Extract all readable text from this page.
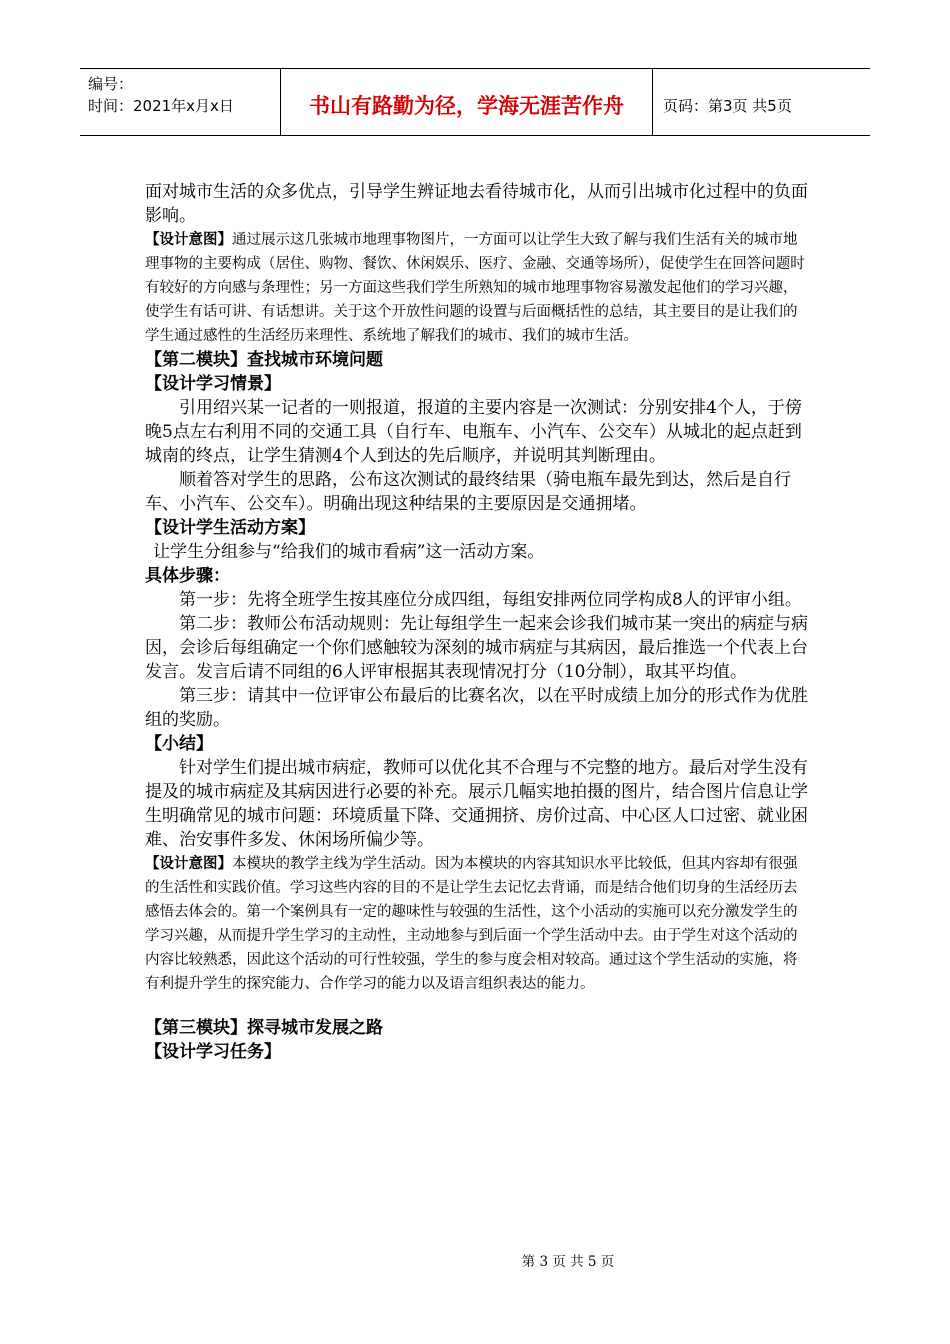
编号：
时间：2021年x月x日	书山有路勤为径，学海无涯苦作舟	页码：第3页 共5页

面对城市生活的众多优点，引导学生辨证地去看待城市化，从而引出城市化过程中的负面影响。

【设计意图】通过展示这几张城市地理事物图片，一方面可以让学生大致了解与我们生活有关的城市地理事物的主要构成（居住、购物、餐饮、休闲娱乐、医疗、金融、交通等场所），促使学生在回答问题时有较好的方向感与条理性；另一方面这些我们学生所熟知的城市地理事物容易激发起他们的学习兴趣，使学生有话可讲、有话想讲。关于这个开放性问题的设置与后面概括性的总结，其主要目的是让我们的学生通过感性的生活经历来理性、系统地了解我们的城市、我们的城市生活。

【第二模块】查找城市环境问题

【设计学习情景】

引用绍兴某一记者的一则报道，报道的主要内容是一次测试：分别安排4个人，于傍晚5点左右利用不同的交通工具（自行车、电瓶车、小汽车、公交车）从城北的起点赶到城南的终点，让学生猜测4个人到达的先后顺序，并说明其判断理由。

顺着答对学生的思路，公布这次测试的最终结果（骑电瓶车最先到达，然后是自行车、小汽车、公交车）。明确出现这种结果的主要原因是交通拥堵。

【设计学生活动方案】

让学生分组参与“给我们的城市看病”这一活动方案。

具体步骤：

第一步：先将全班学生按其座位分成四组，每组安排两位同学构成8人的评审小组。

第二步：教师公布活动规则：先让每组学生一起来会诊我们城市某一突出的病症与病因，会诊后每组确定一个你们感触较为深刻的城市病症与其病因，最后推选一个代表上台发言。发言后请不同组的6人评审根据其表现情况打分（10分制），取其平均值。

第三步：请其中一位评审公布最后的比赛名次，以在平时成绩上加分的形式作为优胜组的奖励。

【小结】

针对学生们提出城市病症，教师可以优化其不合理与不完整的地方。最后对学生没有提及的城市病症及其病因进行必要的补充。展示几幅实地拍摄的图片，结合图片信息让学生明确常见的城市问题：环境质量下降、交通拥挤、房价过高、中心区人口过密、就业困难、治安事件多发、休闲场所偏少等。

【设计意图】本模块的教学主线为学生活动。因为本模块的内容其知识水平比较低，但其内容却有很强的生活性和实践价值。学习这些内容的目的不是让学生去记忆去背诵，而是结合他们切身的生活经历去感悟去体会的。第一个案例具有一定的趣味性与较强的生活性，这个小活动的实施可以充分激发学生的学习兴趣，从而提升学生学习的主动性，主动地参与到后面一个学生活动中去。由于学生对这个活动的内容比较熟悉，因此这个活动的可行性较强，学生的参与度会相对较高。通过这个学生活动的实施，将有利提升学生的探究能力、合作学习的能力以及语言组织表达的能力。

【第三模块】探寻城市发展之路

【设计学习任务】

第 3 页 共 5 页
